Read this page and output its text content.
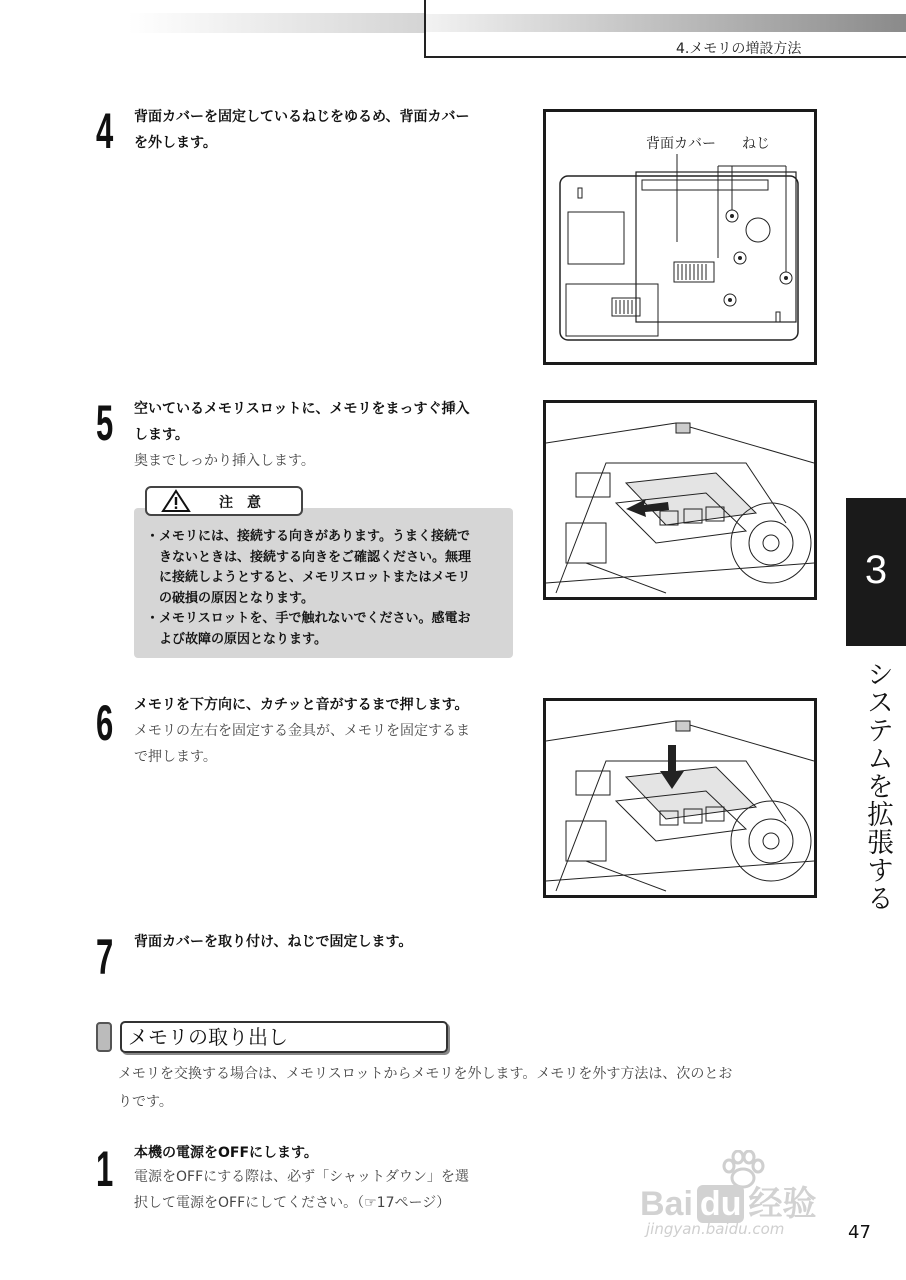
4.メモリの増設方法
4 背面カバーを固定しているねじをゆるめ、背面カバー
を外します。	背面カバー ねじ
5 空いているメモリスロットに、メモリをまっすぐ挿入
します。
奥までしっかり挿入します。
注　意
・メモリには、接続する向きがあります。うまく接続で
　きないときは、接続する向きをご確認ください。無理
　に接続しようとすると、メモリスロットまたはメモリ
　の破損の原因となります。
・メモリスロットを、手で触れないでください。感電お
　よび故障の原因となります。
6 メモリを下方向に、カチッと音がするまで押します。
メモリの左右を固定する金具が、メモリを固定するま
で押します。
7 背面カバーを取り付け、ねじで固定します。
3
システムを拡張する
メモリの取り出し
メモリを交換する場合は、メモリスロットからメモリを外します。メモリを外す方法は、次のとお
りです。
1 本機の電源をOFFにします。
電源をOFFにする際は、必ず「シャットダウン」を選
択して電源をOFFにしてください。（☞17ページ）	Bai du 经验
jingyan.baidu.com	47
